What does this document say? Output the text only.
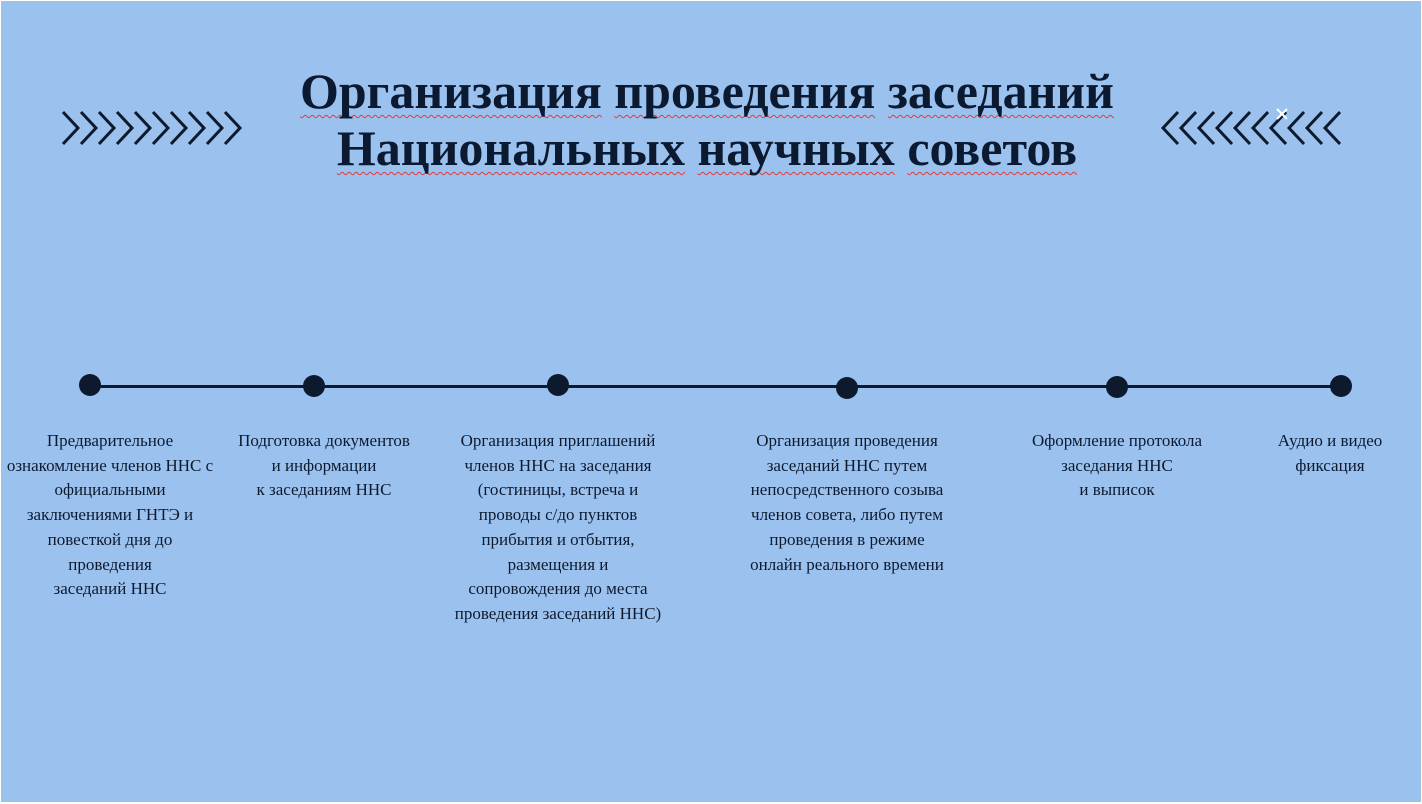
Организация проведения заседаний
Национальных научных советов
Предварительное
ознакомление членов ННС с
официальными
заключениями ГНТЭ и
повесткой дня до
проведения
заседаний ННС
Подготовка документов
и информации
к заседаниям ННС
Организация приглашений
членов ННС на заседания
(гостиницы, встреча и
проводы с/до пунктов
прибытия и отбытия,
размещения и
сопровождения до места
проведения заседаний ННС)
Организация проведения
заседаний ННС путем
непосредственного созыва
членов совета, либо путем
проведения в режиме
онлайн реального времени
Оформление протокола
заседания ННС
и выписок
Аудио и видео
фиксация
